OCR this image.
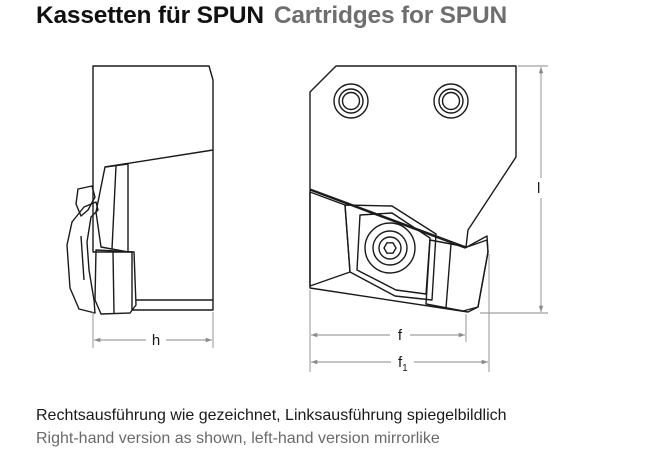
Kassetten für SPUN Cartridges for SPUN
h
l
f
$f_1$
Rechtsausführung wie gezeichnet, Linksausführung spiegelbildlich
Right-hand version as shown, left-hand version mirrorlike
